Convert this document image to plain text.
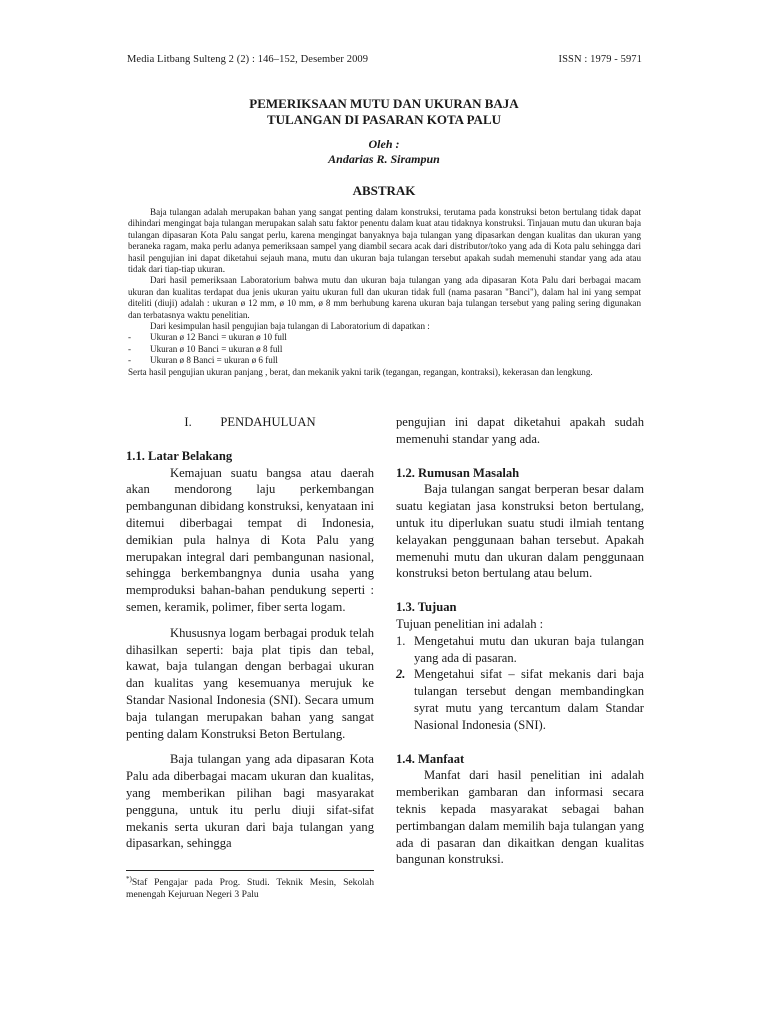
Media Litbang Sulteng 2 (2) : 146–152, Desember 2009	ISSN : 1979 - 5971

PEMERIKSAAN MUTU DAN UKURAN BAJA

TULANGAN DI PASARAN KOTA PALU

Oleh :
Andarias R. Sirampun
ABSTRAK

Baja tulangan adalah merupakan bahan yang sangat penting dalam konstruksi, terutama pada konstruksi beton bertulang tidak dapat dihindari mengingat baja tulangan merupakan salah satu faktor penentu dalam kuat atau tidaknya konstruksi. Tinjauan mutu dan ukuran baja tulangan dipasaran Kota Palu sangat perlu, karena mengingat banyaknya baja tulangan yang dipasarkan dengan kualitas dan ukuran yang beraneka ragam, maka perlu adanya pemeriksaan sampel yang diambil secara acak dari distributor/toko yang ada di Kota palu sehingga dari hasil pengujian ini dapat diketahui sejauh mana, mutu dan ukuran baja tulangan tersebut apakah sudah memenuhi standar yang ada atau tidak dari tiap-tiap ukuran.

Dari hasil pemeriksaan Laboratorium bahwa mutu dan ukuran baja tulangan yang ada dipasaran Kota Palu dari berbagai macam ukuran dan kualitas terdapat dua jenis ukuran yaitu ukuran full dan ukuran tidak full (nama pasaran "Banci"), dalam hal ini yang sempat diteliti (diuji) adalah : ukuran ø 12 mm, ø 10 mm, ø 8 mm berhubung karena ukuran baja tulangan tersebut yang paling sering digunakan dan terbatasnya waktu penelitian.

Dari kesimpulan hasil pengujian baja tulangan di Laboratorium di dapatkan :

-	Ukuran ø 12 Banci = ukuran ø 10 full
-	Ukuran ø 10 Banci = ukuran ø 8 full
-	Ukuran ø 8 Banci = ukuran ø 6 full

Serta hasil pengujian ukuran panjang , berat, dan mekanik yakni tarik (tegangan, regangan, kontraksi), kekerasan dan lengkung.

I. PENDAHULUAN

1.1. Latar Belakang

Kemajuan suatu bangsa atau daerah akan mendorong laju perkembangan pembangunan dibidang konstruksi, kenyataan ini ditemui diberbagai tempat di Indonesia, demikian pula halnya di Kota Palu yang merupakan integral dari pembangunan nasional, sehingga berkembangnya dunia usaha yang memproduksi bahan-bahan pendukung seperti : semen, keramik, polimer, fiber serta logam.

Khususnya logam berbagai produk telah dihasilkan seperti: baja plat tipis dan tebal, kawat, baja tulangan dengan berbagai ukuran dan kualitas yang kesemuanya merujuk ke Standar Nasional Indonesia (SNI). Secara umum baja tulangan merupakan bahan yang sangat penting dalam Konstruksi Beton Bertulang.

Baja tulangan yang ada dipasaran Kota Palu ada diberbagai macam ukuran dan kualitas, yang memberikan pilihan bagi masyarakat pengguna, untuk itu perlu diuji sifat-sifat mekanis serta ukuran dari baja tulangan yang dipasarkan, sehingga

pengujian ini dapat diketahui apakah sudah memenuhi standar yang ada.

1.2. Rumusan Masalah

Baja tulangan sangat berperan besar dalam suatu kegiatan jasa konstruksi beton bertulang, untuk itu diperlukan suatu studi ilmiah tentang kelayakan penggunaan bahan tersebut. Apakah memenuhi mutu dan ukuran dalam penggunaan konstruksi beton bertulang atau belum.

1.3. Tujuan

Tujuan penelitian ini adalah :

1. Mengetahui mutu dan ukuran baja tulangan yang ada di pasaran.
2. Mengetahui sifat – sifat mekanis dari baja tulangan tersebut dengan membandingkan syrat mutu yang tercantum dalam Standar Nasional Indonesia (SNI).

1.4. Manfaat

Manfat dari hasil penelitian ini adalah memberikan gambaran dan informasi secara teknis kepada masyarakat sebagai bahan pertimbangan dalam memilih baja tulangan yang ada di pasaran dan dikaitkan dengan kualitas bangunan konstruksi.

*)Staf Pengajar pada Prog. Studi. Teknik Mesin, Sekolah menengah Kejuruan Negeri 3 Palu
